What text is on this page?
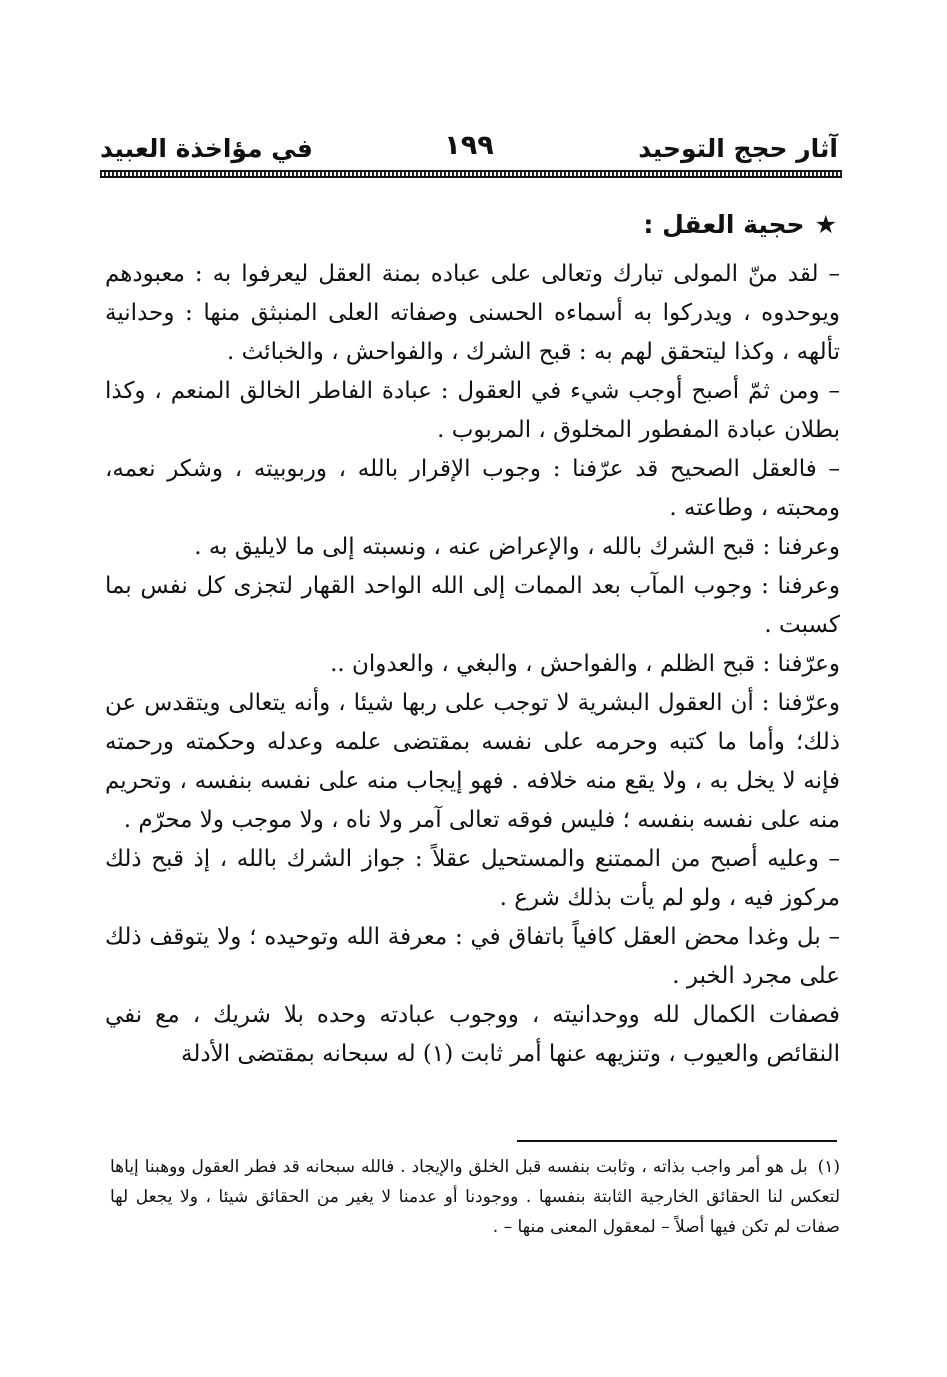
آثار حجج التوحيد
١٩٩
في مؤاخذة العبيد
★حجية العقل :

– لقد منّ المولى تبارك وتعالى على عباده بمنة العقل ليعرفوا به : معبودهم ويوحدوه ، ويدركوا به أسماءه الحسنى وصفاته العلى المنبثق منها : وحدانية تألهه ، وكذا ليتحقق لهم به : قبح الشرك ، والفواحش ، والخبائث .

– ومن ثمّ أصبح أوجب شيء في العقول : عبادة الفاطر الخالق المنعم ، وكذا بطلان عبادة المفطور المخلوق ، المربوب .

– فالعقل الصحيح قد عرّفنا : وجوب الإقرار بالله ، وربوبيته ، وشكر نعمه، ومحبته ، وطاعته .

وعرفنا : قبح الشرك بالله ، والإعراض عنه ، ونسبته إلى ما لايليق به .

وعرفنا : وجوب المآب بعد الممات إلى الله الواحد القهار لتجزى كل نفس بما كسبت .

وعرّفنا : قبح الظلم ، والفواحش ، والبغي ، والعدوان ..

وعرّفنا : أن العقول البشرية لا توجب على ربها شيئا ، وأنه يتعالى ويتقدس عن ذلك؛ وأما ما كتبه وحرمه على نفسه بمقتضى علمه وعدله وحكمته ورحمته فإنه لا يخل به ، ولا يقع منه خلافه . فهو إيجاب منه على نفسه بنفسه ، وتحريم منه على نفسه بنفسه ؛ فليس فوقه تعالى آمر ولا ناه ، ولا موجب ولا محرّم .

– وعليه أصبح من الممتنع والمستحيل عقلاً : جواز الشرك بالله ، إذ قبح ذلك مركوز فيه ، ولو لم يأت بذلك شرع .

– بل وغدا محض العقل كافياً باتفاق في : معرفة الله وتوحيده ؛ ولا يتوقف ذلك على مجرد الخبر .

فصفات الكمال لله ووحدانيته ، ووجوب عبادته وحده بلا شريك ، مع نفي النقائص والعيوب ، وتنزيهه عنها أمر ثابت (١) له سبحانه بمقتضى الأدلة

(١)بل هو أمر واجب بذاته ، وثابت بنفسه قبل الخلق والإيجاد . فالله سبحانه قد فطر العقول ووهبنا إياها لتعكس لنا الحقائق الخارجية الثابتة بنفسها . ووجودنا أو عدمنا لا يغير من الحقائق شيئا ، ولا يجعل لها صفات لم تكن فيها أصلاً – لمعقول المعنى منها – .
